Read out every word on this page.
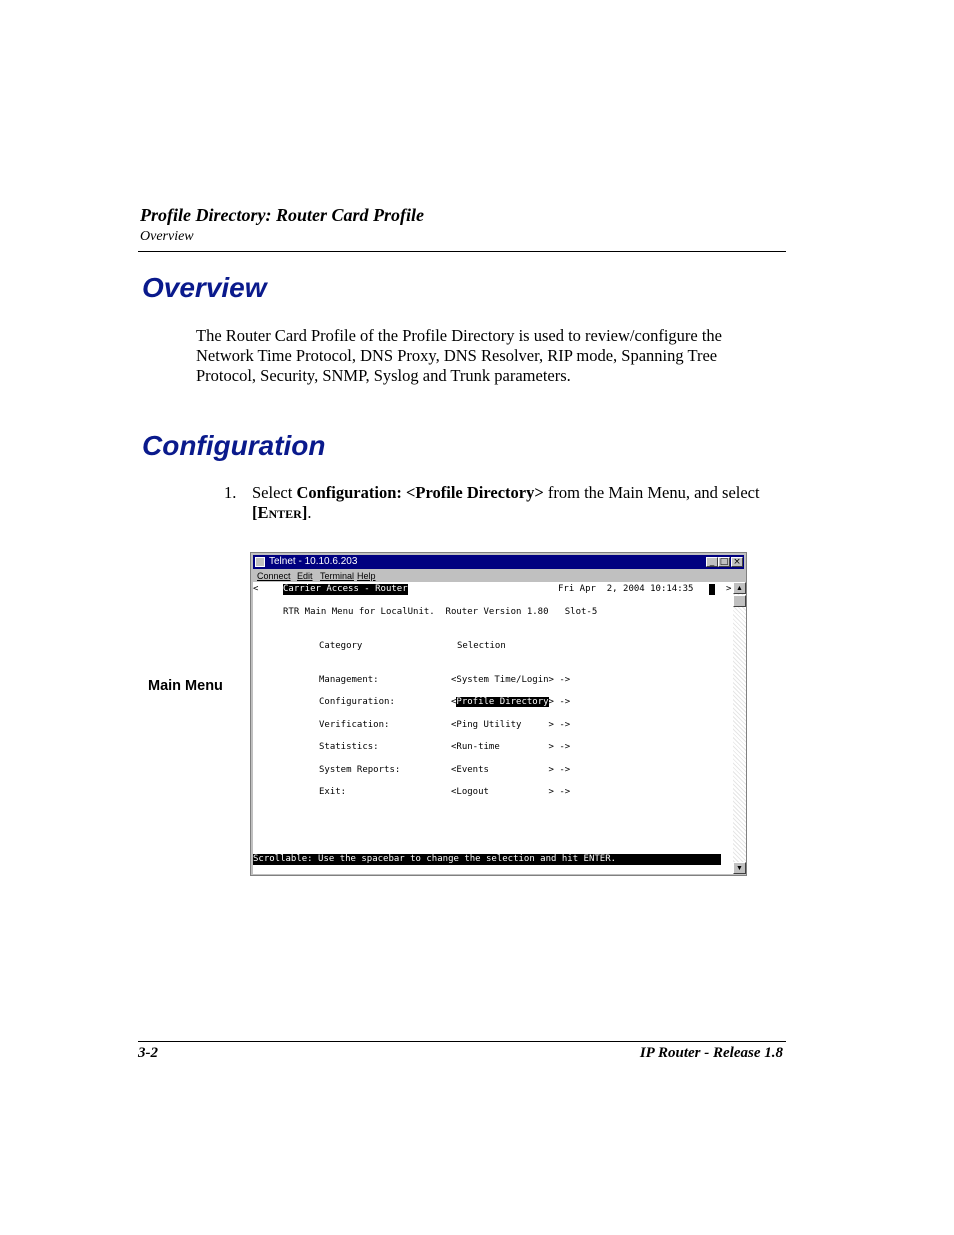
Profile Directory: Router Card Profile
Overview
Overview
The Router Card Profile of the Profile Directory is used to review/configure the Network Time Protocol, DNS Proxy, DNS Resolver, RIP mode, Spanning Tree Protocol, Security, SNMP, Syslog and Trunk parameters.
Configuration
1. Select Configuration: <Profile Directory> from the Main Menu, and select [Enter].
Main Menu
Telnet - 10.10.6.203	_ □ ×
Connect Edit Terminal Help
<	Carrier Access - Router	Fri Apr  2, 2004 10:14:35
	>
RTR Main Menu for LocalUnit.  Router Version 1.80   Slot-5
Category	Selection
Management:	<System Time/Login> ->
Configuration:	<Profile Directory> ->
Verification:	<Ping Utility     > ->
Statistics:	<Run-time         > ->
System Reports:	<Events           > ->
Exit:	<Logout           > ->
Scrollable: Use the spacebar to change the selection and hit ENTER.
▲
▼
3-2	IP Router - Release 1.8
